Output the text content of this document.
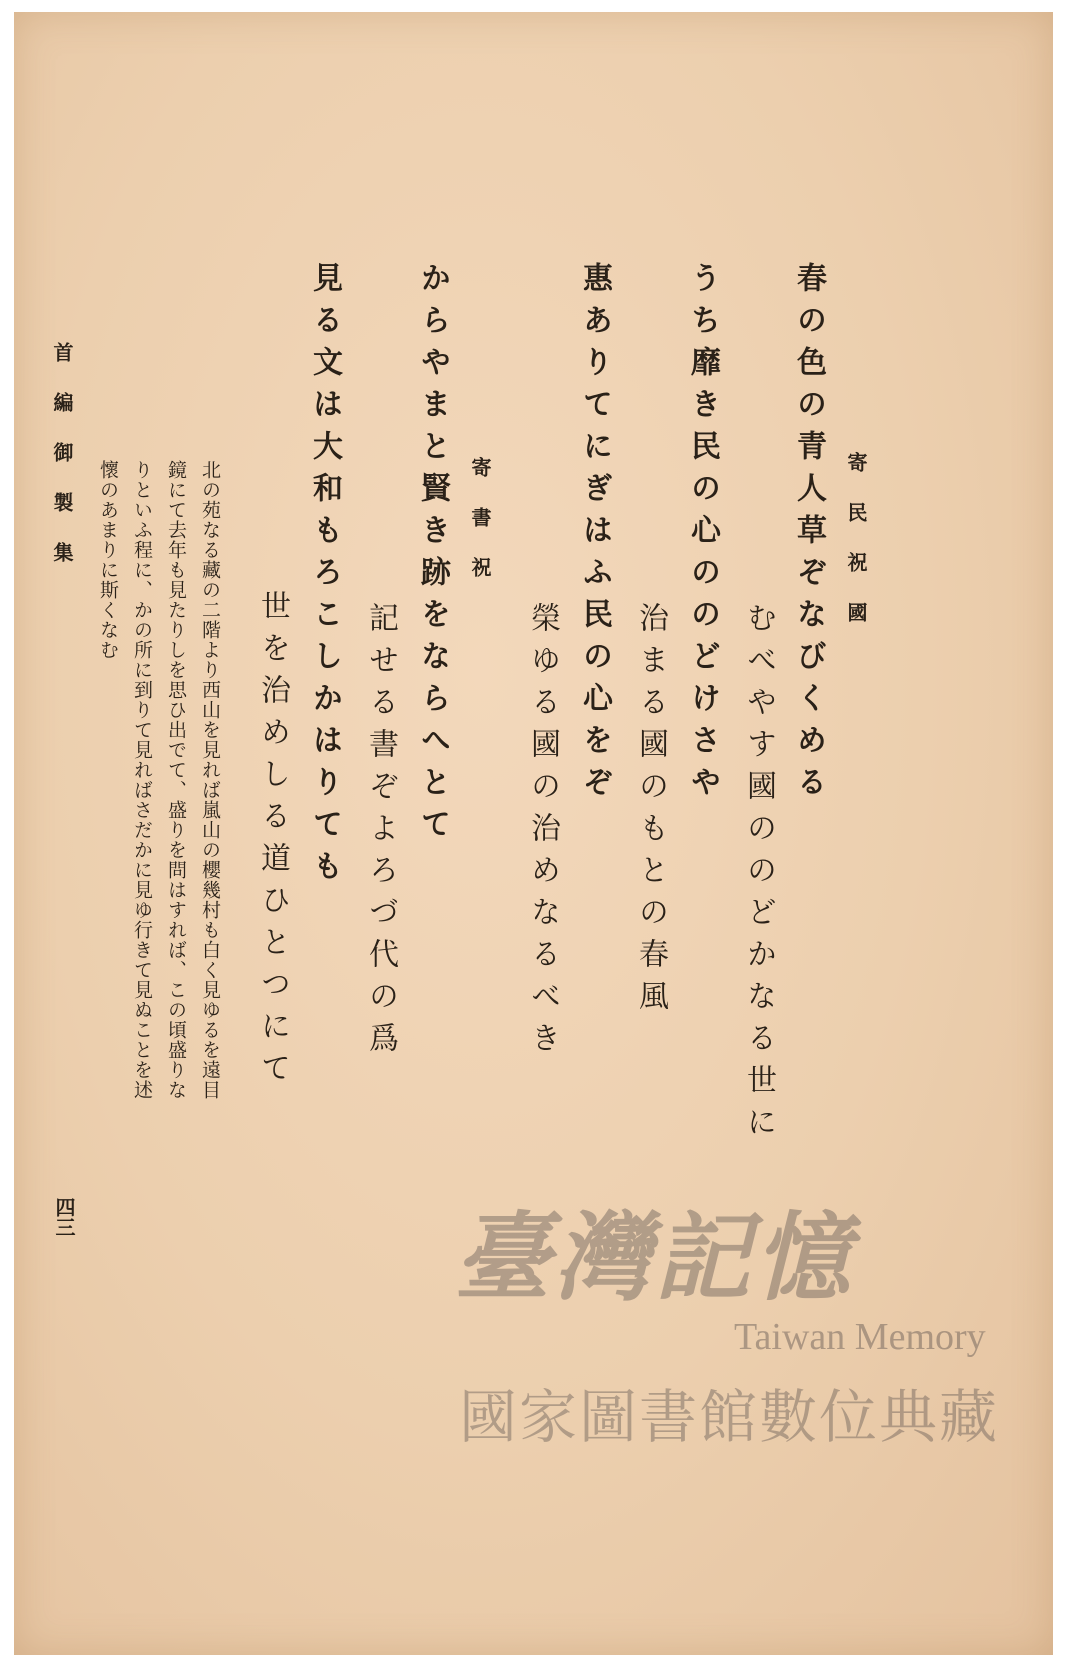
寄民祝國
春の色の青人草ぞなびくめる
むべやす國ののどかなる世に
うち靡き民の心ののどけさや
治まる國のもとの春風
惠ありてにぎはふ民の心をぞ
榮ゆる國の治めなるべき
寄書祝
からやまと賢き跡をならへとて
記せる書ぞよろづ代の爲
見る文は大和もろこしかはりても
世を治めしる道ひとつにて
北の苑なる藏の二階より西山を見れば嵐山の櫻幾村も白く見ゆるを遠目
鏡にて去年も見たりしを思ひ出でて、盛りを問はすれば、この頃盛りな
りといふ程に、かの所に到りて見ればさだかに見ゆ行きて見ぬことを述
懷のあまりに斯くなむ
首編御製集
四三	臺灣記憶
Taiwan Memory
國家圖書館數位典藏
